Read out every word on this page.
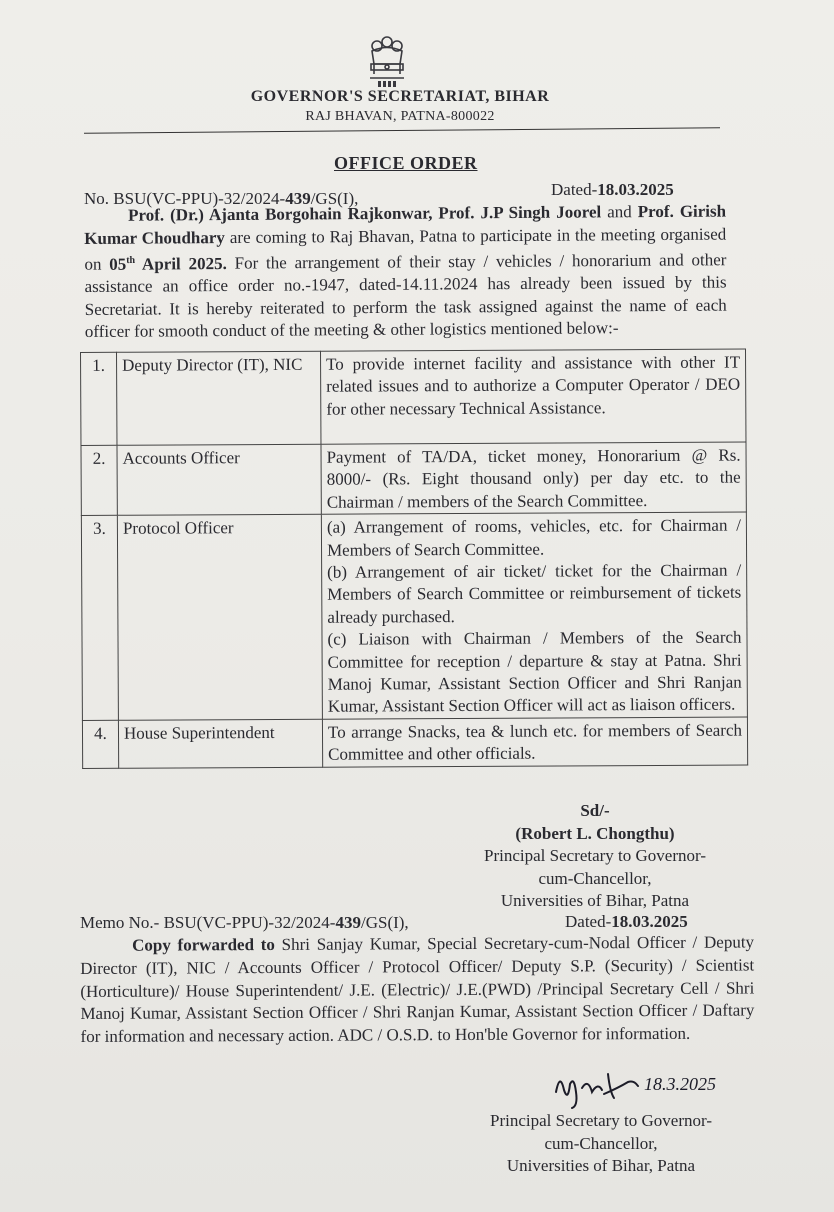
GOVERNOR'S SECRETARIAT, BIHAR
RAJ BHAVAN, PATNA-800022
OFFICE ORDER
No. BSU(VC-PPU)-32/2024-439/GS(I),	Dated-18.03.2025

Prof. (Dr.) Ajanta Borgohain Rajkonwar, Prof. J.P Singh Joorel and Prof. Girish Kumar Choudhary are coming to Raj Bhavan, Patna to participate in the meeting organised on 05th April 2025. For the arrangement of their stay / vehicles / honorarium and other assistance an office order no.-1947, dated-14.11.2024 has already been issued by this Secretariat. It is hereby reiterated to perform the task assigned against the name of each officer for smooth conduct of the meeting & other logistics mentioned below:-

1.	Deputy Director (IT), NIC	To provide internet facility and assistance with other IT related issues and to authorize a Computer Operator / DEO for other necessary Technical Assistance.
2.	Accounts Officer	Payment of TA/DA, ticket money, Honorarium @ Rs. 8000/- (Rs. Eight thousand only) per day etc. to the Chairman / members of the Search Committee.
3.	Protocol Officer	(a) Arrangement of rooms, vehicles, etc. for Chairman / Members of Search Committee.
(b) Arrangement of air ticket/ ticket for the Chairman / Members of Search Committee or reimbursement of tickets already purchased.
(c) Liaison with Chairman / Members of the Search Committee for reception / departure & stay at Patna. Shri Manoj Kumar, Assistant Section Officer and Shri Ranjan Kumar, Assistant Section Officer will act as liaison officers.

4.	House Superintendent	To arrange Snacks, tea & lunch etc. for members of Search Committee and other officials.
Sd/-
(Robert L. Chongthu)
Principal Secretary to Governor-
cum-Chancellor,
Universities of Bihar, Patna
Memo No.- BSU(VC-PPU)-32/2024-439/GS(I),	Dated-18.03.2025

Copy forwarded to Shri Sanjay Kumar, Special Secretary-cum-Nodal Officer / Deputy Director (IT), NIC / Accounts Officer / Protocol Officer/ Deputy S.P. (Security) / Scientist (Horticulture)/ House Superintendent/ J.E. (Electric)/ J.E.(PWD) /Principal Secretary Cell / Shri Manoj Kumar, Assistant Section Officer / Shri Ranjan Kumar, Assistant Section Officer / Daftary for information and necessary action. ADC / O.S.D. to Hon'ble Governor for information.

18.3.2025
Principal Secretary to Governor-
cum-Chancellor,
Universities of Bihar, Patna
